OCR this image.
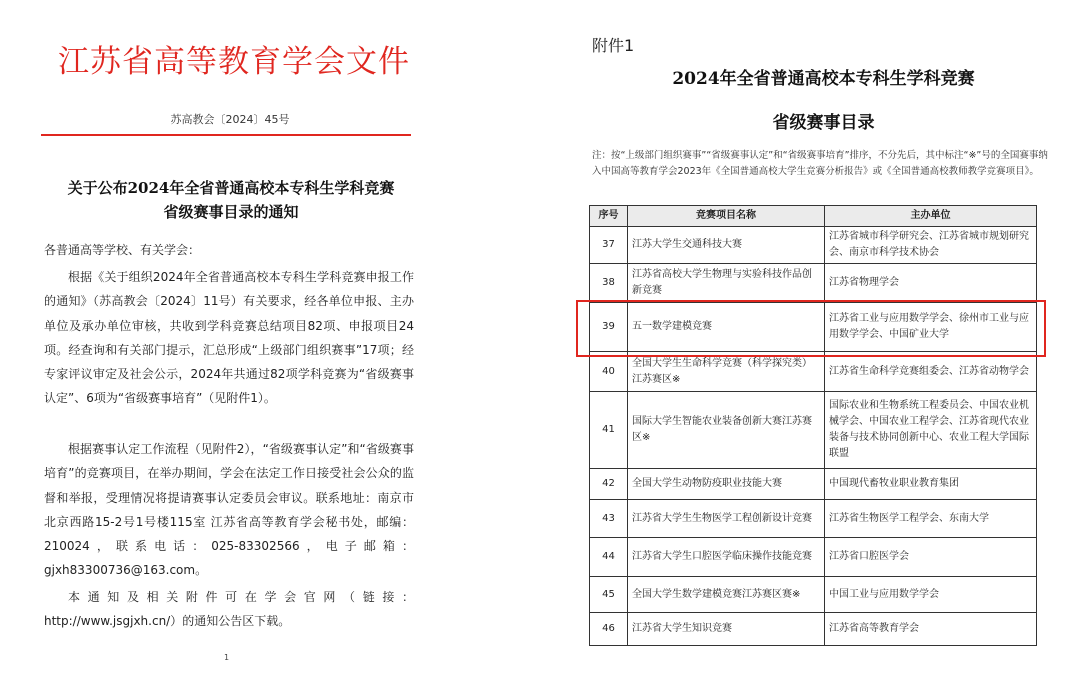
江苏省高等教育学会文件
苏高教会〔2024〕45号
关于公布2024年全省普通高校本专科生学科竞赛
省级赛事目录的通知
各普通高等学校、有关学会：

根据《关于组织2024年全省普通高校本专科生学科竞赛申报工作的通知》（苏高教会〔2024〕11号）有关要求，经各单位申报、主办单位及承办单位审核，共收到学科竞赛总结项目82项、申报项目24项。经查询和有关部门提示，汇总形成“上级部门组织赛事”17项；经专家评议审定及社会公示，2024年共通过82项学科竞赛为“省级赛事认定”、6项为“省级赛事培育”（见附件1）。

根据赛事认定工作流程（见附件2），“省级赛事认定”和“省级赛事培育”的竞赛项目，在举办期间，学会在法定工作日接受社会公众的监督和举报，受理情况将提请赛事认定委员会审议。联系地址：南京市北京西路15-2号1号楼115室 江苏省高等教育学会秘书处，邮编：210024，联系电话：025-83302566，电子邮箱：gjxh83300736@163.com。

本通知及相关附件可在学会官网（链接：http://www.jsgjxh.cn/）的通知公告区下载。

1
附件1
2024年全省普通高校本专科生学科竞赛
省级赛事目录
注：按“上级部门组织赛事”“省级赛事认定”和“省级赛事培育”排序，不分先后，其中标注“※”号的全国赛事纳入中国高等教育学会2023年《全国普通高校大学生竞赛分析报告》或《全国普通高校教师教学竞赛项目》。
序号	竞赛项目名称	主办单位
37	江苏大学生交通科技大赛	江苏省城市科学研究会、江苏省城市规划研究会、南京市科学技术协会
38	江苏省高校大学生物理与实验科技作品创新竞赛	江苏省物理学会
39	五一数学建模竞赛	江苏省工业与应用数学学会、徐州市工业与应用数学学会、中国矿业大学
40	全国大学生生命科学竞赛（科学探究类）江苏赛区※	江苏省生命科学竞赛组委会、江苏省动物学会
41	国际大学生智能农业装备创新大赛江苏赛区※	国际农业和生物系统工程委员会、中国农业机械学会、中国农业工程学会、江苏省现代农业装备与技术协同创新中心、农业工程大学国际联盟
42	全国大学生动物防疫职业技能大赛	中国现代畜牧业职业教育集团
43	江苏省大学生生物医学工程创新设计竞赛	江苏省生物医学工程学会、东南大学
44	江苏省大学生口腔医学临床操作技能竞赛	江苏省口腔医学会
45	全国大学生数学建模竞赛江苏赛区赛※	中国工业与应用数学学会
46	江苏省大学生知识竞赛	江苏省高等教育学会
